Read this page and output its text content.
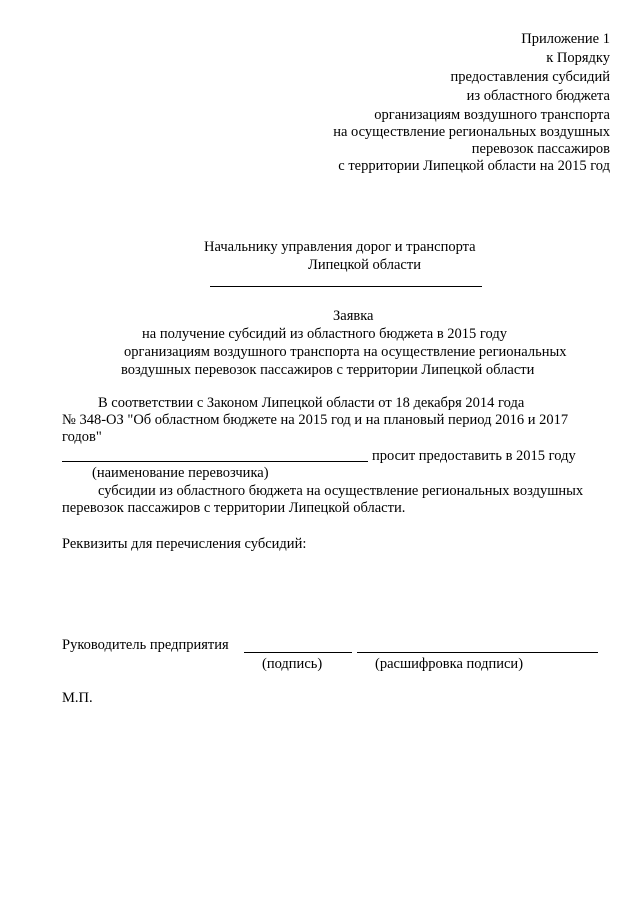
Приложение 1
к Порядку
предоставления субсидий
из областного бюджета
организациям воздушного транспорта
на осуществление региональных воздушных
перевозок пассажиров
с территории Липецкой области на 2015 год
Начальнику управления дорог и транспорта
Липецкой области
Заявка
на получение субсидий из областного бюджета в 2015 году
организациям воздушного транспорта на осуществление региональных
воздушных перевозок пассажиров с территории Липецкой области
В соответствии с Законом Липецкой области от 18 декабря 2014 года
№ 348-ОЗ "Об областном бюджете на 2015 год и на плановый период 2016 и 2017
годов"
просит предоставить в 2015 году
(наименование перевозчика)
субсидии из областного бюджета на осуществление региональных воздушных
перевозок пассажиров с территории Липецкой области.
Реквизиты для перечисления субсидий:
Руководитель предприятия
(подпись)	(расшифровка подписи)
М.П.
